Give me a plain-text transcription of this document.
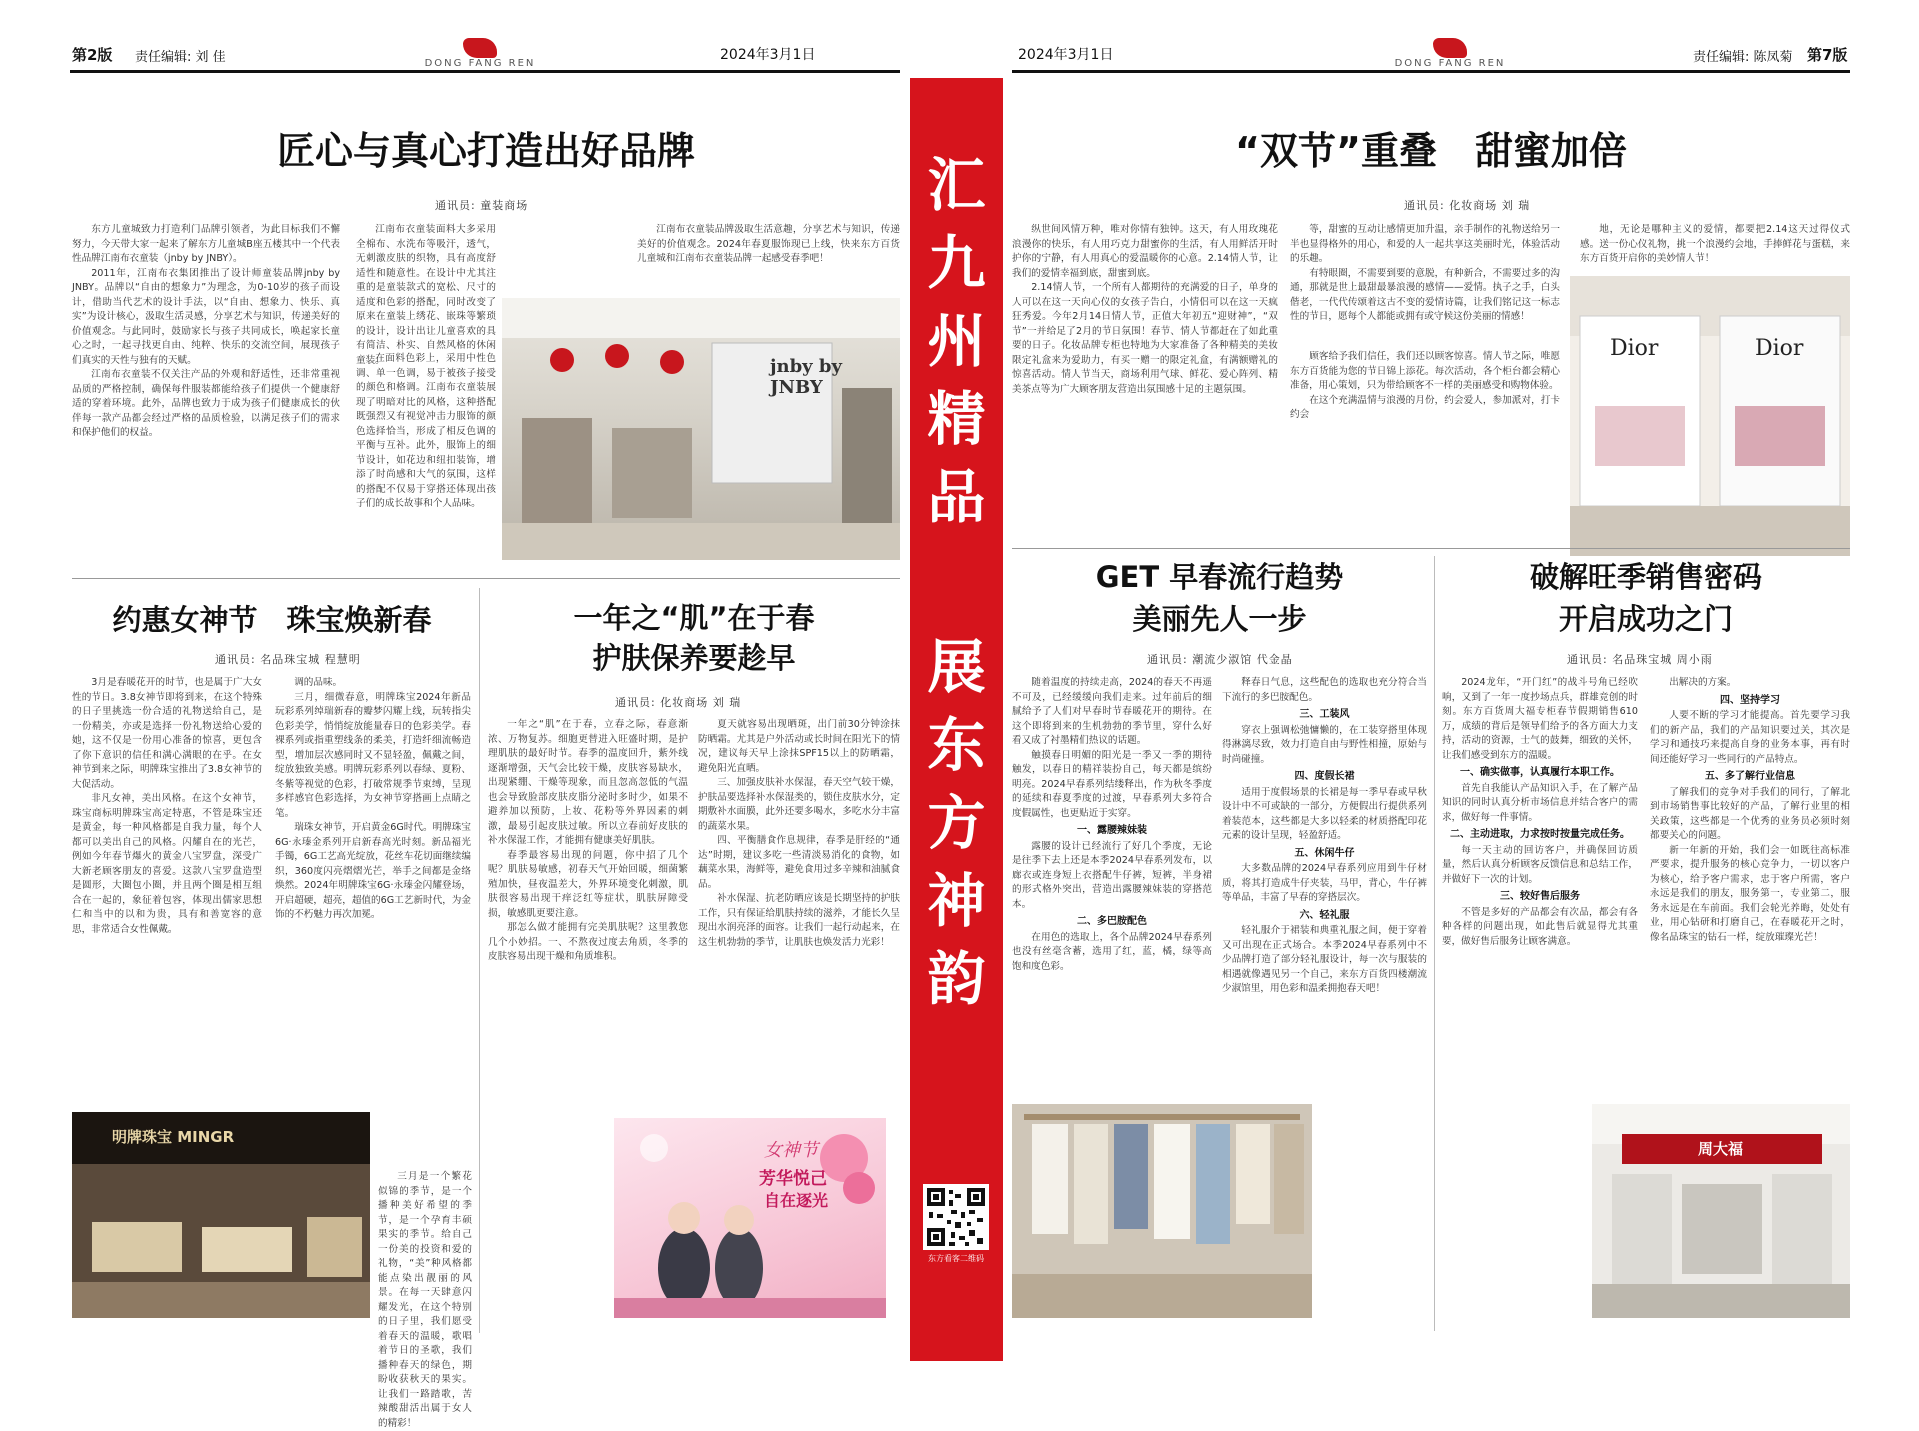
第2版 责任编辑: 刘 佳	DONG FANG REN
2024年3月1日	2024年3月1日
DONG FANG REN	责任编辑: 陈凤菊 第7版
汇
九
州
精
品
展
东
方
神
韵
东方看客二维码
匠心与真心打造出好品牌
通讯员: 童装商场

东方儿童城致力打造利门品牌引领者，为此目标我们不懈努力，今天带大家一起来了解东方儿童城B座五楼其中一个代表性品牌江南布衣童装（jnby by JNBY）。

2011年，江南布衣集团推出了设计师童装品牌jnby by JNBY。品牌以“自由的想象力”为理念，为0-10岁的孩子而设计，借助当代艺术的设计手法，以“自由、想象力、快乐、真实”为设计核心，汲取生活灵感，分享艺术与知识，传递美好的价值观念。与此同时，鼓励家长与孩子共同成长，唤起家长童心之时，一起寻找更自由、纯粹、快乐的交流空间，展现孩子们真实的天性与独有的天赋。

江南布衣童装不仅关注产品的外观和舒适性，还非常重视品质的严格控制，确保每件服装都能给孩子们提供一个健康舒适的穿着环境。此外，品牌也致力于成为孩子们健康成长的伙伴每一款产品都会经过严格的品质检验，以满足孩子们的需求和保护他们的权益。

江南布衣童装面料大多采用全棉布、水洗布等吸汗，透气，无刺激皮肤的织物，具有高度舒适性和随意性。在设计中尤其注重的是童装款式的宽松、尺寸的适度和色彩的搭配，同时改变了原来在童装上绣花、嵌珠等繁琐的设计，设计出让儿童喜欢的具有简洁、朴实、自然风格的休闲童装。

江南布衣童装品牌汲取生活意趣，分享艺术与知识，传递美好的价值观念。2024年春夏服饰现已上线，快来东方百货儿童城和江南布衣童装品牌一起感受春季吧！

jnby by JNBY

在面料色彩上，采用中性色调、单一色调，易于被孩子接受的颜色和格调。江南布衣童装展现了明暗对比的风格，这种搭配既强烈又有视觉冲击力服饰的颜色选择恰当，形成了相反色调的平衡与互补。此外，服饰上的细节设计，如花边和纽扣装饰，增添了时尚感和大气的氛围，这样的搭配不仅易于穿搭还体现出孩子们的成长故事和个人品味。

约惠女神节　珠宝焕新春
通讯员: 名品珠宝城 程慧明

3月是春暖花开的时节，也是属于广大女性的节日。3.8女神节即将到来，在这个特殊的日子里挑选一份合适的礼物送给自己，是一份精美，亦或是选择一份礼物送给心爱的她，这不仅是一份用心准备的惊喜，更包含了你下意识的信任和满心满眼的在乎。在女神节到来之际，明牌珠宝推出了3.8女神节的大促活动。

非凡女神，美出风格。在这个女神节，珠宝商标明牌珠宝高定特惠，不管是珠宝还是黄金，每一种风格都是自我力量，每个人都可以美出自己的风格。闪耀自在的光芒，例如今年春节爆火的黄金八宝罗盘，深受广大新老顾客朋友的喜爱。这款八宝罗盘造型是圆形，大圈包小圈，并且两个圈是相互组合在一起的，象征着包容，体现出儒家思想仁和当中的以和为贵，具有和善宽容的意思，非常适合女性佩戴。

调的品味。

三月，细微春意，明牌珠宝2024年新品玩彩系列绰瑞新春的瓣梦闪耀上线，玩转指尖色彩美学，悄悄绽放能量春日的色彩美学。春裸系列或指重塑线条的柔美，打造纤细流畅造型，增加层次感同时又不显轻盈，佩戴之间，绽放独致美感。明牌玩彩系列以春绿、夏粉、冬紫等视觉的色彩，打破常规季节束缚，呈现多样感官色彩选择，为女神节穿搭画上点睛之笔。

瑞珠女神节，开启黄金6G时代。明牌珠宝6G·永瑧金系列开启新春高光时刻。新品福光手镯，6G工艺高光绽放，花丝车花切面继续编织，360度闪亮熠熠光芒，举手之间都是金络焕然。2024年明牌珠宝6G·永瑧金闪耀登场，开启超硬，超亮，超值的6G工艺新时代，为金饰的不朽魅力再次加冕。

明牌珠宝 MINGR

三月是一个繁花似锦的季节，是一个播种美好希望的季节，是一个孕育丰硕果实的季节。给自己一份美的投资和爱的礼物，“美”种风格都能点染出靓丽的风景。在每一天肆意闪耀发光，在这个特别的日子里，我们愿受着春天的温暖，歌唱着节日的圣歌，我们播种春天的绿色，期盼收获秋天的果实。让我们一路踏歌，苦辣酸甜活出属于女人的精彩！

一年之“肌”在于春
护肤保养要趁早
通讯员: 化妆商场 刘 瑞

一年之“肌”在于春，立春之际，春意渐浓、万物复苏。细胞更替进入旺盛时期，是护理肌肤的最好时节。春季的温度回升，紫外线逐渐增强，天气会比较干燥，皮肤容易缺水，出现紧绷、干燥等现象，而且忽高忽低的气温也会导致脸部皮肤皮脂分泌时多时少，如果不避养加以预防，上妆、花粉等外界因素的刺激，最易引起皮肤过敏。所以立春前好皮肤的补水保湿工作，才能拥有健康美好肌肤。

春季最容易出现的问题，你中招了几个呢？肌肤易敏感，初春天气开始回暖，细菌繁殖加快，昼夜温差大，外界环境变化刺激，肌肤很容易出现干痒泛红等症状，肌肤屏障受损，敏感肌更要注意。

那怎么做才能拥有完美肌肤呢？这里教您几个小妙招。一、不熬夜过度去角质，冬季的皮肤容易出现干燥和角质堆积。

夏天就容易出现晒斑，出门前30分钟涂抹防晒霜。尤其是户外活动或长时间在阳光下的情况，建议每天早上涂抹SPF15以上的防晒霜，避免阳光直晒。

三、加强皮肤补水保湿，春天空气较干燥，护肤品要选择补水保湿类的，锁住皮肤水分，定期敷补水面膜，此外还要多喝水，多吃水分丰富的蔬菜水果。

四、平衡膳食作息规律，春季是肝经的“通达”时期，建议多吃一些清淡易消化的食物，如藕菜水果，海鲜等，避免食用过多辛辣和油腻食品。

补水保湿、抗老防晒应该是长期坚持的护肤工作，只有保证给肌肤持续的滋养，才能长久呈现出水润亮泽的面容。让我们一起行动起来，在这生机勃勃的季节，让肌肤也焕发活力光彩！

女神节
芳华悦己
自在逐光
“双节”重叠　甜蜜加倍
通讯员: 化妆商场 刘 瑞

纵世间风情万种，唯对你情有独钟。这天，有人用玫瑰花浪漫你的快乐，有人用巧克力甜蜜你的生活，有人用鲜活开时护你的宁静，有人用真心的爱温暖你的心意。2.14情人节，让我们的爱情幸福到底，甜蜜到底。

2.14情人节，一个所有人都期待的充满爱的日子，单身的人可以在这一天向心仪的女孩子告白，小情侣可以在这一天疯狂秀爱。今年2月14日情人节，正值大年初五“迎财神”，“双节”一并给足了2月的节日氛围！春节、情人节都赶在了如此重要的日子。化妆品牌专柜也特地为大家准备了各种精美的美妆限定礼盒来为爱助力，有买一赠一的限定礼盒，有满额赠礼的惊喜活动。情人节当天，商场利用气球、鲜花、爱心阵列、精美茶点等为广大顾客朋友营造出氛围感十足的主题氛围。

等，甜蜜的互动让感情更加升温，亲手制作的礼物送给另一半也显得格外的用心，和爱的人一起共享这美丽时光，体验活动的乐趣。

有特眼圈，不需要到要的意脱，有种新合，不需要过多的沟通，那就是世上最甜最暴浪漫的感情——爱情。执子之手，白头偕老，一代代传颂着这古不变的爱情诗篇，让我们铭记这一标志性的节日，愿每个人都能或拥有或守候这份美丽的情感！

地，无论是哪种主义的爱情，都要把2.14这天过得仪式感。送一份心仪礼物，挑一个浪漫约会地，手捧鲜花与蛋糕，来东方百货开启你的美妙情人节！

Dior	Dior

顾客给予我们信任，我们还以顾客惊喜。情人节之际，唯愿东方百货能为您的节日锦上添花。每次活动，各个柜台都会精心准备，用心策划，只为带给顾客不一样的美丽感受和购物体验。

在这个充满温情与浪漫的月份，约会爱人，参加派对，打卡约会

GET 早春流行趋势
美丽先人一步
通讯员: 潮流少淑馆 代金晶

随着温度的持续走高，2024的春天不再遥不可及，已经缓缓向我们走来。过年前后的细腻给予了人们对早春时节春暖花开的期待。在这个即将到来的生机勃勃的季节里，穿什么好看又成了衬墨精们热议的话题。

触摸春日明媚的阳光是一季又一季的期待触发，以春日的精祥装扮自己，每天都是缤纷明亮。2024早春系列结缕释出，作为秋冬季度的延续和春夏季度的过渡，早春系列大多符合度假属性，也更贴近于实穿。

一、露腰辣妹装

露腰的设计已经流行了好几个季度，无论是往季下去上还是本季2024早春系列发布，以廊衣或连身短上衣搭配牛仔裤，短裤，半身裙的形式格外突出，营造出露腰辣妹装的穿搭范本。

二、多巴胺配色

在用色的选取上，各个品牌2024早春系列也没有丝毫含蓄，选用了红，蓝，橘，绿等高饱和度色彩。

释春日气息，这些配色的选取也充分符合当下流行的多巴胺配色。

三、工装风

穿衣上强调松弛慵懒的，在工装穿搭里体现得淋漓尽致，效力打造自由与野性相撞，原始与时尚碰撞。

四、度假长裙

适用于度假场景的长裙是每一季早春或早秋设计中不可或缺的一部分，方便假出行提供系列着装范本，这些都是大多以轻柔的材质搭配印花元素的设计呈现，轻盈舒适。

五、休闲牛仔

大多数品牌的2024早春系列应用到牛仔材质，将其打造成牛仔夹装，马甲，背心，牛仔裤等单品，丰富了早春的穿搭层次。

六、轻礼服

轻礼服介于裙装和典重礼服之间，便于穿着又可出现在正式场合。本季2024早春系列中不少品牌打造了部分轻礼服设计，每一次与服装的相遇就像遇见另一个自己，来东方百货四楼潮流少淑馆里，用色彩和温柔拥抱春天吧！

破解旺季销售密码
开启成功之门
通讯员: 名品珠宝城 周小雨

2024龙年，“开门红”的战斗号角已经吹响，又到了一年一度抄场点兵，群雄竞创的时刻。东方百货周大福专柜春节假期销售610万，成绩的背后是领导们给予的各方面大力支持，活动的资源，士气的鼓舞，细致的关怀，让我们感受到东方的温暖。

一、确实做事，认真履行本职工作。

首先自我能认产品知识入手，在了解产品知识的同时认真分析市场信息并结合客户的需求，做好每一件事情。

二、主动进取，力求按时按量完成任务。

每一天主动的回访客户，并确保回访质量，然后认真分析顾客反馈信息和总结工作，并做好下一次的计划。

三、较好售后服务

不管是多好的产品都会有次品，都会有各种各样的问题出现，如此售后就显得尤其重要，做好售后服务让顾客满意。

出解决的方案。

四、坚持学习

人要不断的学习才能提高。首先要学习我们的新产品，我们的产品知识要过关，其次是学习和通技巧来提高自身的业务本事，再有时间还能好学习一些同行的产品特点。

五、多了解行业信息

了解我们的竞争对手我们的同行，了解北到市场销售事比较好的产品，了解行业里的相关政策，这些都是一个优秀的业务员必须时刻都要关心的问题。

新一年新的开始，我们会一如既往高标准严要求，提升服务的核心竞争力，一切以客户为核心，给予客户需求，忠于客户所需，客户永远是我们的朋友，服务第一，专业第二，服务永远是在车前面。我们会轮光养晦，处处有业，用心钻研和打磨自己，在春暖花开之时，像名品珠宝的钻石一样，绽放璀璨光芒！

周大福
